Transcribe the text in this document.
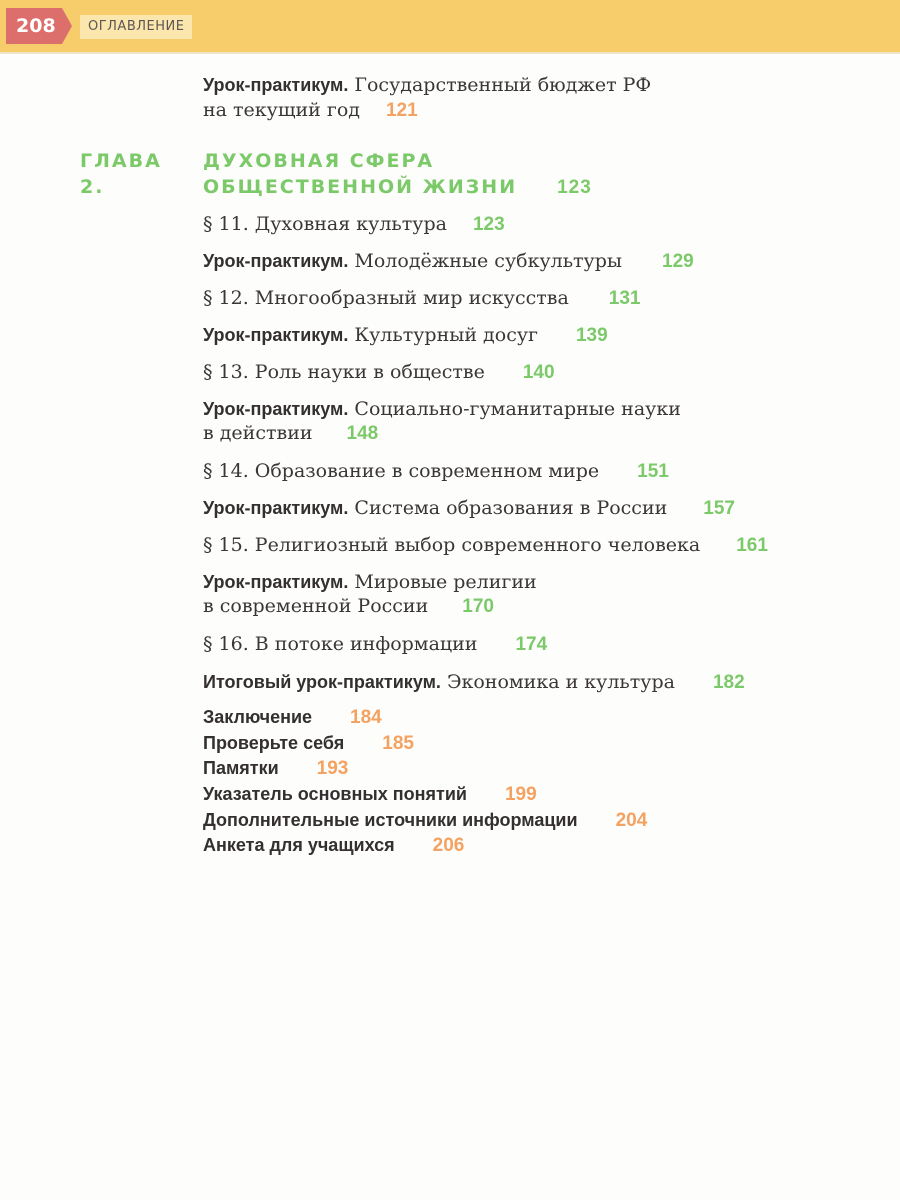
208	ОГЛАВЛЕНИЕ
Урок-практикум. Государственный бюджет РФ
на текущий год 121
ГЛАВА 2.
ДУХОВНАЯ СФЕРА
ОБЩЕСТВЕННОЙ ЖИЗНИ 123
§ 11. Духовная культура 123
Урок-практикум. Молодёжные субкультуры 129
§ 12. Многообразный мир искусства 131
Урок-практикум. Культурный досуг 139
§ 13. Роль науки в обществе 140
Урок-практикум. Социально-гуманитарные науки
в действии 148
§ 14. Образование в современном мире 151
Урок-практикум. Система образования в России 157
§ 15. Религиозный выбор современного человека 161
Урок-практикум. Мировые религии
в современной России 170
§ 16. В потоке информации 174
Итоговый урок-практикум. Экономика и культура 182
Заключение 184
Проверьте себя 185
Памятки 193
Указатель основных понятий 199
Дополнительные источники информации 204
Анкета для учащихся 206
